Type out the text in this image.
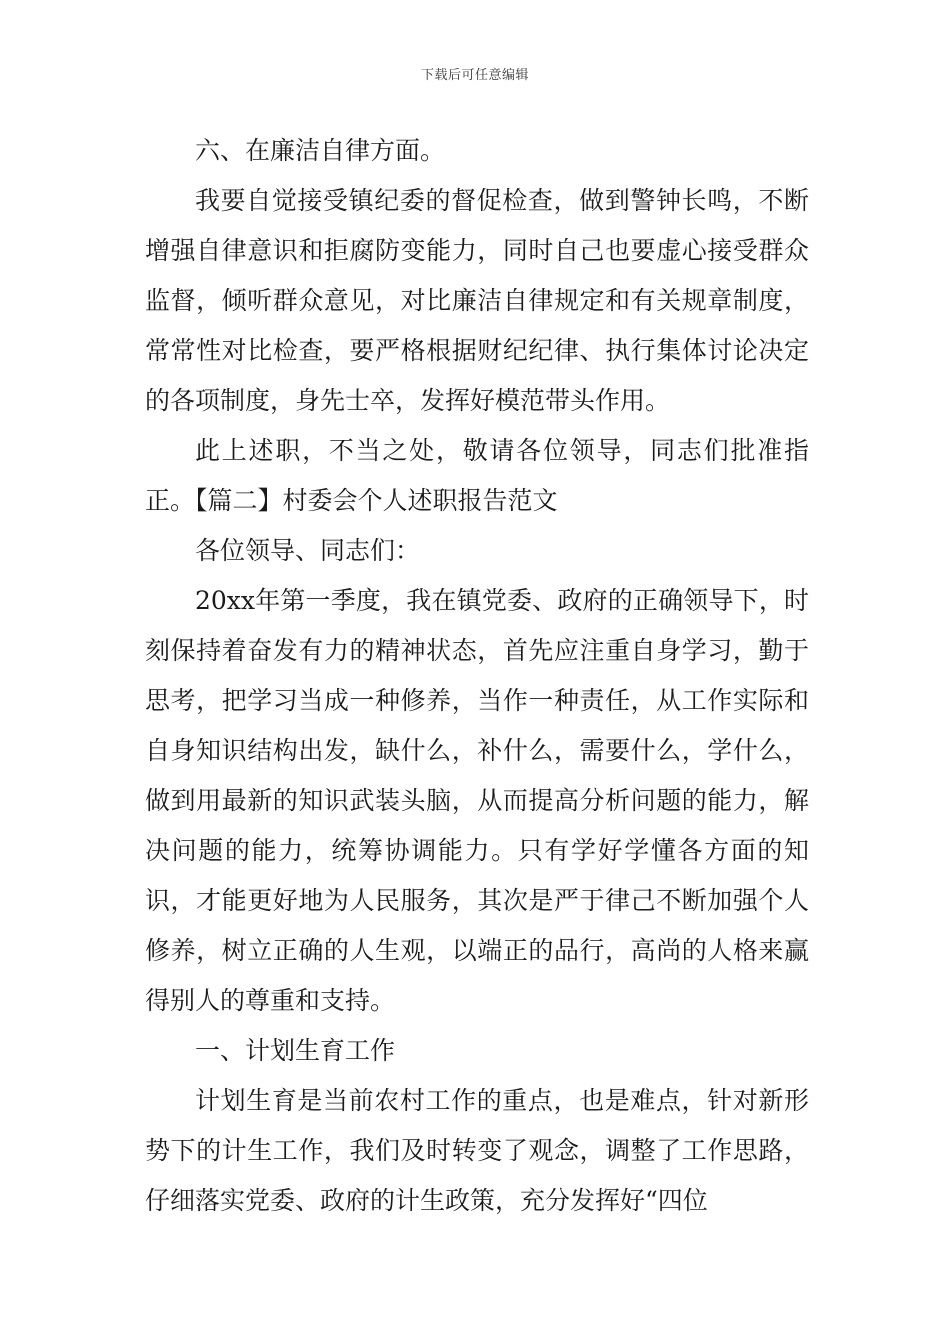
下载后可任意编辑

六、在廉洁自律方面。

我要自觉接受镇纪委的督促检查，做到警钟长鸣，不断增强自律意识和拒腐防变能力，同时自己也要虚心接受群众监督，倾听群众意见，对比廉洁自律规定和有关规章制度，常常性对比检查，要严格根据财纪纪律、执行集体讨论决定的各项制度，身先士卒，发挥好模范带头作用。

此上述职，不当之处，敬请各位领导，同志们批准指正。【篇二】村委会个人述职报告范文

各位领导、同志们：

20xx年第一季度，我在镇党委、政府的正确领导下，时刻保持着奋发有力的精神状态，首先应注重自身学习，勤于思考，把学习当成一种修养，当作一种责任，从工作实际和自身知识结构出发，缺什么，补什么，需要什么，学什么，做到用最新的知识武装头脑，从而提高分析问题的能力，解决问题的能力，统筹协调能力。只有学好学懂各方面的知识，才能更好地为人民服务，其次是严于律己不断加强个人修养，树立正确的人生观，以端正的品行，高尚的人格来赢得别人的尊重和支持。

一、计划生育工作

计划生育是当前农村工作的重点，也是难点，针对新形势下的计生工作，我们及时转变了观念，调整了工作思路，仔细落实党委、政府的计生政策，充分发挥好“四位
